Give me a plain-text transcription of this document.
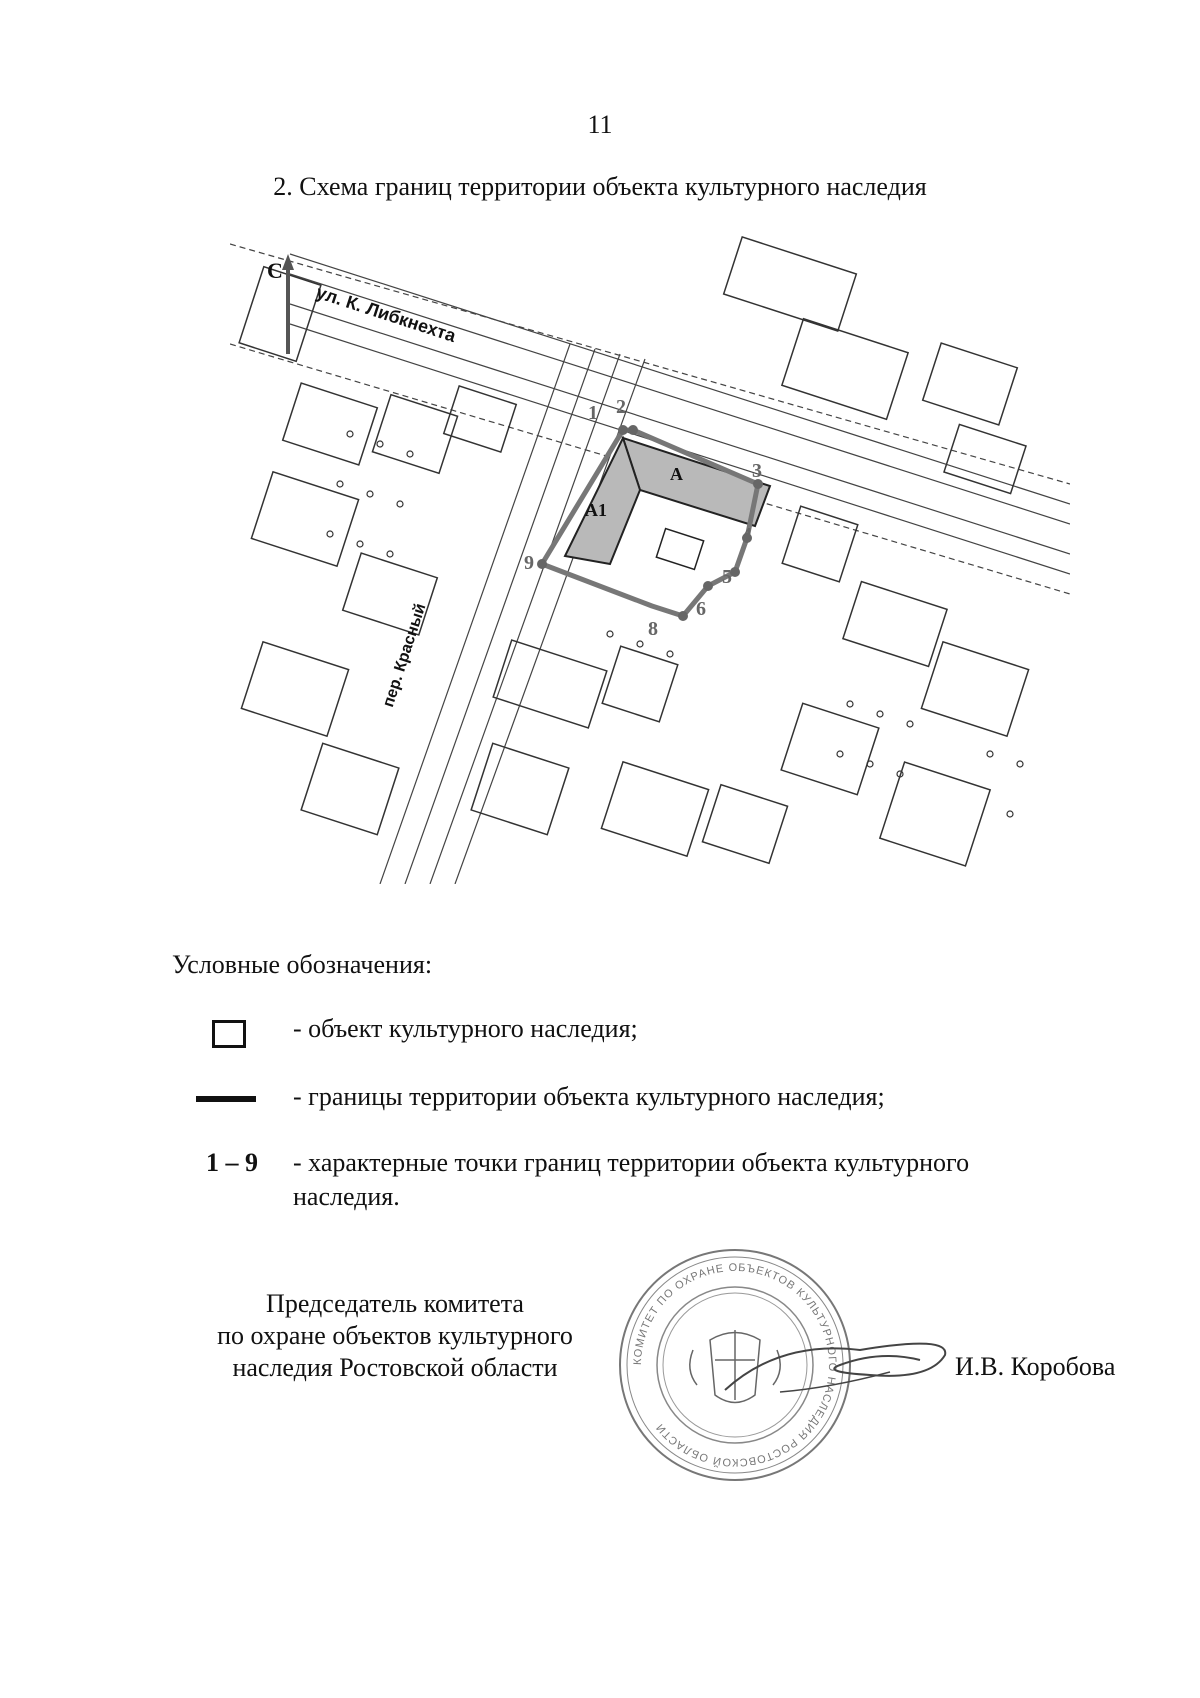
11
2. Схема границ территории объекта культурного наследия
С
ул. К. Либкнехта
пер. Красный
А
А1
1 2
3
4
5
6
8
9
Условные обозначения:
- объект культурного наследия;
- границы территории объекта культурного наследия;
1 – 9 - характерные точки границ территории объекта культурного
наследия.
Председатель комитета
по охране объектов культурного
наследия Ростовской области	КОМИТЕТ ПО ОХРАНЕ ОБЪЕКТОВ КУЛЬТУРНОГО НАСЛЕДИЯ РОСТОВСКОЙ ОБЛАСТИ
И.В. Коробова
